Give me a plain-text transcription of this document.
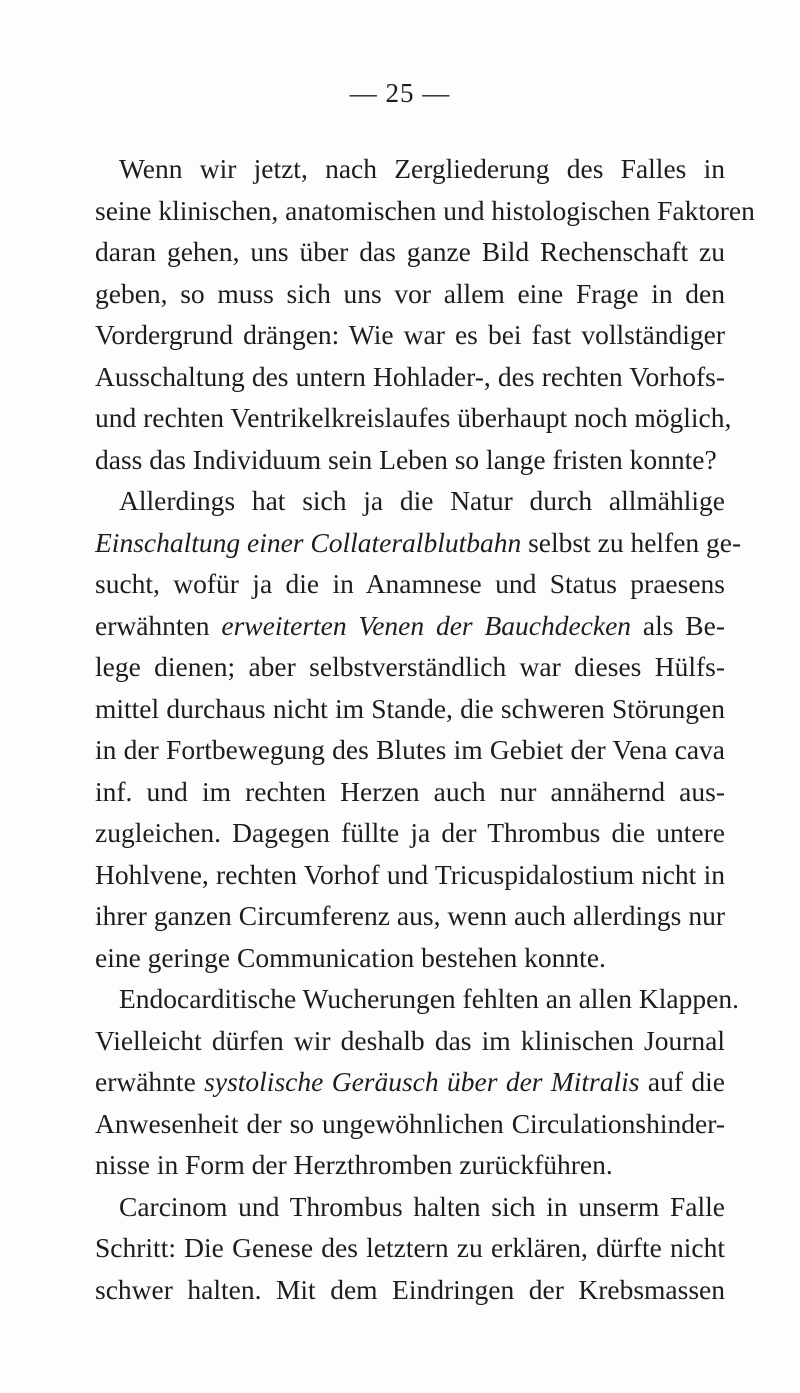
— 25 —
Wenn wir jetzt, nach Zergliederung des Falles in
seine klinischen, anatomischen und histologischen Faktoren
daran gehen, uns über das ganze Bild Rechenschaft zu
geben, so muss sich uns vor allem eine Frage in den
Vordergrund drängen: Wie war es bei fast vollständiger
Ausschaltung des untern Hohlader-, des rechten Vorhofs-
und rechten Ventrikelkreislaufes überhaupt noch möglich,
dass das Individuum sein Leben so lange fristen konnte?
Allerdings hat sich ja die Natur durch allmählige
Einschaltung einer Collateralblutbahn selbst zu helfen ge-
sucht, wofür ja die in Anamnese und Status praesens
erwähnten erweiterten Venen der Bauchdecken als Be-
lege dienen; aber selbstverständlich war dieses Hülfs-
mittel durchaus nicht im Stande, die schweren Störungen
in der Fortbewegung des Blutes im Gebiet der Vena cava
inf. und im rechten Herzen auch nur annähernd aus-
zugleichen. Dagegen füllte ja der Thrombus die untere
Hohlvene, rechten Vorhof und Tricuspidalostium nicht in
ihrer ganzen Circumferenz aus, wenn auch allerdings nur
eine geringe Communication bestehen konnte.
Endocarditische Wucherungen fehlten an allen Klappen.
Vielleicht dürfen wir deshalb das im klinischen Journal
erwähnte systolische Geräusch über der Mitralis auf die
Anwesenheit der so ungewöhnlichen Circulationshinder-
nisse in Form der Herzthromben zurückführen.
Carcinom und Thrombus halten sich in unserm Falle
Schritt: Die Genese des letztern zu erklären, dürfte nicht
schwer halten. Mit dem Eindringen der Krebsmassen
